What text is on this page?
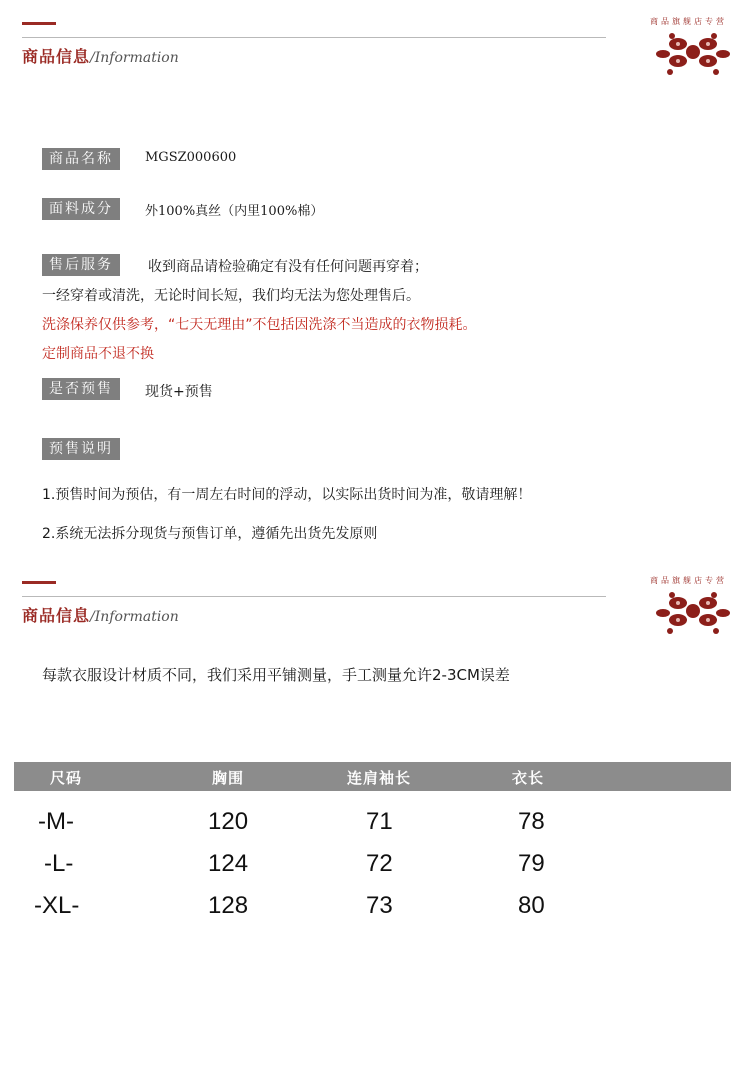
商品信息/Information
商品旗舰店专营
商品名称	MGSZ000600
面料成分	外100%真丝（内里100%棉）
售后服务	收到商品请检验确定有没有任何问题再穿着；
一经穿着或清洗，无论时间长短，我们均无法为您处理售后。
洗涤保养仅供参考，“七天无理由”不包括因洗涤不当造成的衣物损耗。
定制商品不退不换
是否预售	现货+预售
预售说明
1.预售时间为预估，有一周左右时间的浮动，以实际出货时间为准，敬请理解！
2.系统无法拆分现货与预售订单，遵循先出货先发原则
商品信息/Information
商品旗舰店专营
每款衣服设计材质不同，我们采用平铺测量，手工测量允许2-3CM误差
尺码	胸围	连肩袖长	衣长
-M-	120	71	78
-L-	124	72	79
-XL-	128	73	80
